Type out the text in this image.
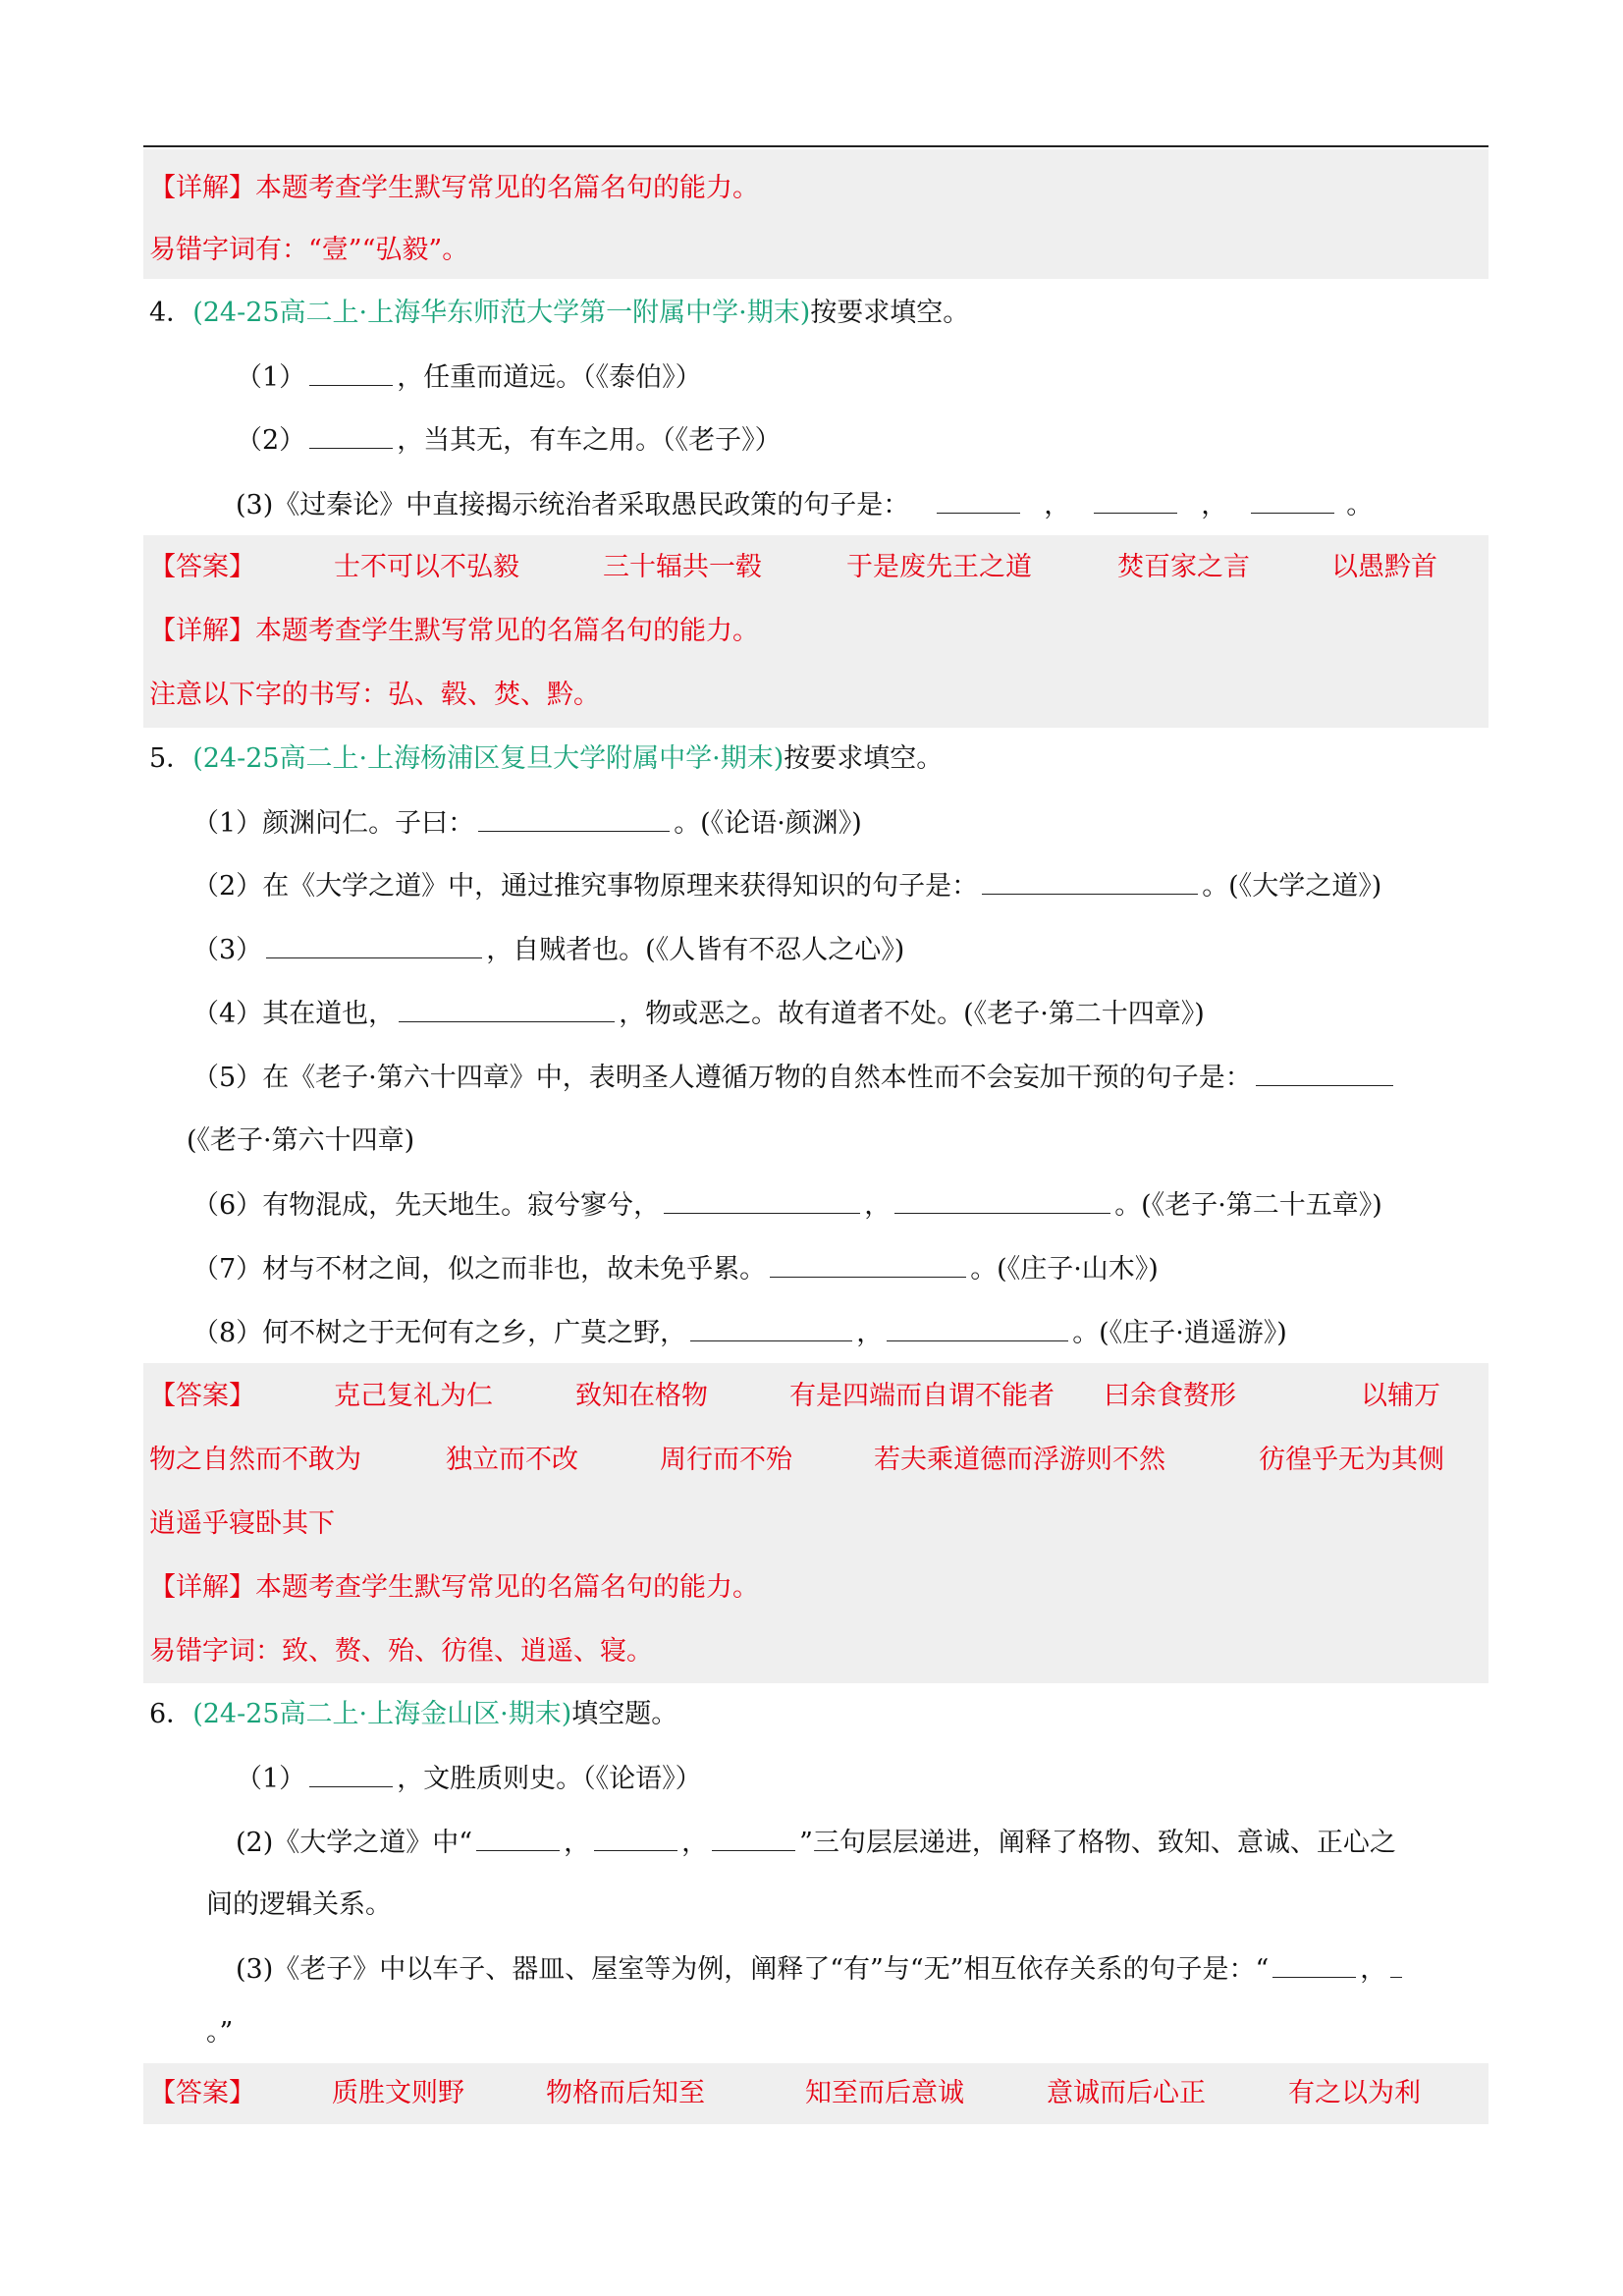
【详解】本题考查学生默写常见的名篇名句的能力。
易错字词有：“壹”“弘毅”。
4．(24-25高二上·上海华东师范大学第一附属中学·期末)按要求填空。
（1）	，任重而道远。（《泰伯》）
（2）	，当其无，有车之用。（《老子》）
(3)《过秦论》中直接揭示统治者采取愚民政策的句子是：	，	，	。
【答案】	士不可以不弘毅	三十辐共一毂	于是废先王之道	焚百家之言	以愚黔首
【详解】本题考查学生默写常见的名篇名句的能力。
注意以下字的书写：弘、毂、焚、黔。
5．(24-25高二上·上海杨浦区复旦大学附属中学·期末)按要求填空。
（1）颜渊问仁。子曰：	。(《论语·颜渊》)
（2）在《大学之道》中，通过推究事物原理来获得知识的句子是：	。(《大学之道》)
（3）	，自贼者也。(《人皆有不忍人之心》)
（4）其在道也，	，物或恶之。故有道者不处。(《老子·第二十四章》)
（5）在《老子·第六十四章》中，表明圣人遵循万物的自然本性而不会妄加干预的句子是：
(《老子·第六十四章)
（6）有物混成，先天地生。寂兮寥兮，	，	。(《老子·第二十五章》)
（7）材与不材之间，似之而非也，故未免乎累。	。(《庄子·山木》)
（8）何不树之于无何有之乡，广莫之野，	，	。(《庄子·逍遥游》)
【答案】	克己复礼为仁	致知在格物	有是四端而自谓不能者 曰余食赘形	以辅万
物之自然而不敢为	独立而不改	周行而不殆	若夫乘道德而浮游则不然	彷徨乎无为其侧
逍遥乎寝卧其下
【详解】本题考查学生默写常见的名篇名句的能力。
易错字词：致、赘、殆、彷徨、逍遥、寝。
6．(24-25高二上·上海金山区·期末)填空题。
（1）	，文胜质则史。（《论语》）
(2)《大学之道》中“	，	，	”三句层层递进，阐释了格物、致知、意诚、正心之
间的逻辑关系。
(3)《老子》中以车子、器皿、屋室等为例，阐释了“有”与“无”相互依存关系的句子是：“	，
。”
【答案】	质胜文则野	物格而后知至	知至而后意诚	意诚而后心正	有之以为利
